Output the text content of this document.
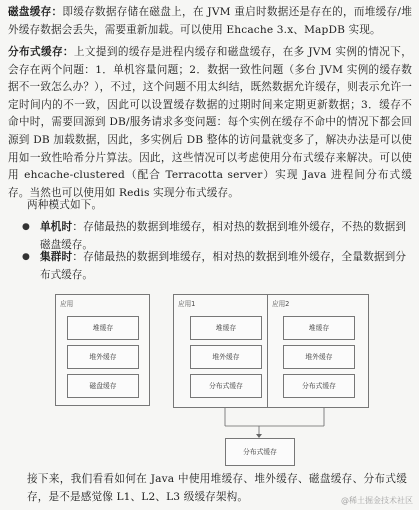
磁盘缓存：即缓存数据存储在磁盘上，在 JVM 重启时数据还是存在的，而堆缓存/堆外缓存数据会丢失，需要重新加载。可以使用 Ehcache 3.x、MapDB 实现。

分布式缓存：上文提到的缓存是进程内缓存和磁盘缓存，在多 JVM 实例的情况下，会存在两个问题：1．单机容量问题；2．数据一致性问题（多台 JVM 实例的缓存数据不一致怎么办？），不过，这个问题不用太纠结，既然数据允许缓存，则表示允许一定时间内的不一致，因此可以设置缓存数据的过期时间来定期更新数据；3．缓存不命中时，需要回源到 DB/服务请求多变问题：每个实例在缓存不命中的情况下都会回源到 DB 加载数据，因此，多实例后 DB 整体的访问量就变多了，解决办法是可以使用如一致性哈希分片算法。因此，这些情况可以考虑使用分布式缓存来解决。可以使用 ehcache-clustered（配合 Terracotta server）实现 Java 进程间分布式缓存。当然也可以使用如 Redis 实现分布式缓存。

两种模式如下。

● 单机时：存储最热的数据到堆缓存，相对热的数据到堆外缓存，不热的数据到磁盘缓存。

● 集群时：存储最热的数据到堆缓存，相对热的数据到堆外缓存，全量数据到分布式缓存。

应用
堆缓存
堆外缓存
磁盘缓存
应用1
堆缓存
堆外缓存
分布式缓存
应用2
堆缓存
堆外缓存
分布式缓存
分布式缓存

接下来，我们看看如何在 Java 中使用堆缓存、堆外缓存、磁盘缓存、分布式缓存，是不是感觉像 L1、L2、L3 级缓存架构。	@稀土掘金技术社区
